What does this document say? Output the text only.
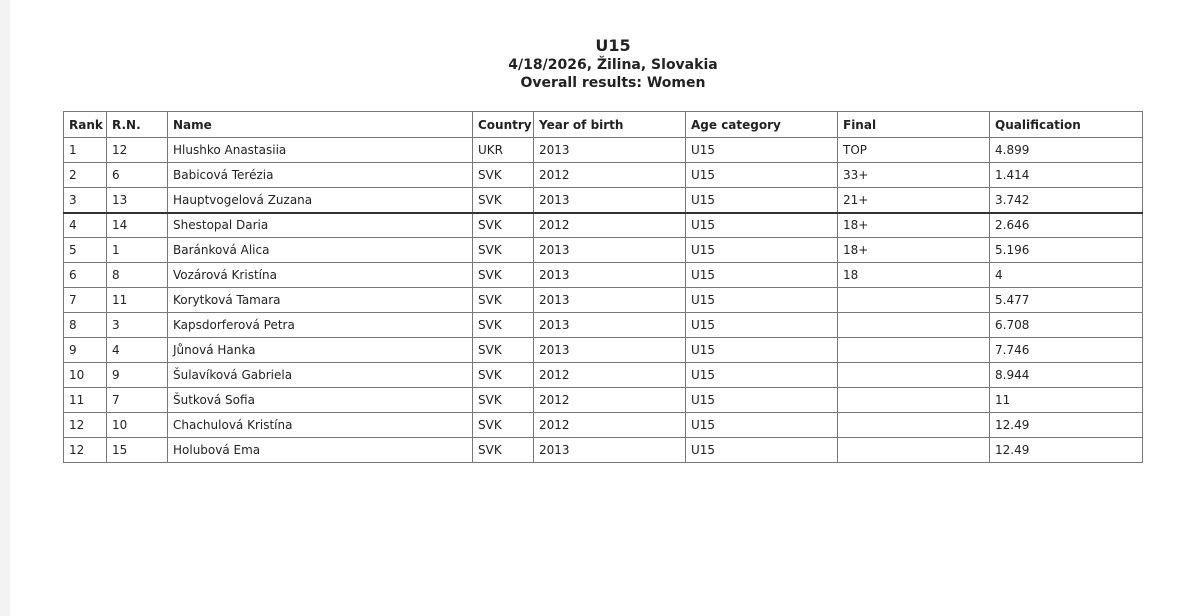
U15

4/18/2026, Žilina, Slovakia

Overall results: Women

Rank	R.N.	Name	Country	Year of birth	Age category	Final	Qualification
1	12	Hlushko Anastasiia	UKR	2013	U15	TOP	4.899
2	6	Babicová Terézia	SVK	2012	U15	33+	1.414
3	13	Hauptvogelová Zuzana	SVK	2013	U15	21+	3.742
4	14	Shestopal Daria	SVK	2012	U15	18+	2.646
5	1	Baránková Alica	SVK	2013	U15	18+	5.196
6	8	Vozárová Kristína	SVK	2013	U15	18	4
7	11	Korytková Tamara	SVK	2013	U15		5.477
8	3	Kapsdorferová Petra	SVK	2013	U15		6.708
9	4	Jůnová Hanka	SVK	2013	U15		7.746
10	9	Šulavíková Gabriela	SVK	2012	U15		8.944
11	7	Šutková Sofia	SVK	2012	U15		11
12	10	Chachulová Kristína	SVK	2012	U15		12.49
12	15	Holubová Ema	SVK	2013	U15		12.49
